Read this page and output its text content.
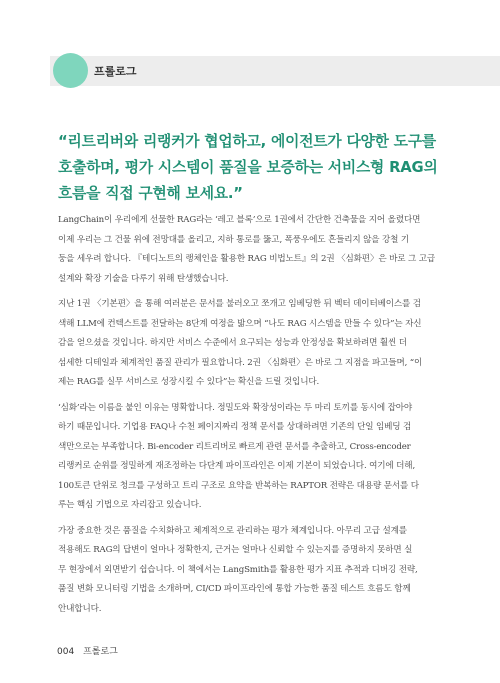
프롤로그
“리트리버와 리랭커가 협업하고, 에이전트가 다양한 도구를
호출하며, 평가 시스템이 품질을 보증하는 서비스형 RAG의
흐름을 직접 구현해 보세요.”
LangChain이 우리에게 선물한 RAG라는 ‘레고 블록’으로 1권에서 간단한 건축물을 지어 올렸다면
이제 우리는 그 건물 위에 전망대를 올리고, 지하 통로를 뚫고, 폭풍우에도 흔들리지 않을 강철 기
둥을 세우려 합니다. 『테디노트의 랭체인을 활용한 RAG 비법노트』의 2권 〈심화편〉은 바로 그 고급
설계와 확장 기술을 다루기 위해 탄생했습니다.
지난 1권 〈기본편〉을 통해 여러분은 문서를 불러오고 쪼개고 임베딩한 뒤 벡터 데이터베이스를 검
색해 LLM에 컨텍스트를 전달하는 8단계 여정을 밟으며 “나도 RAG 시스템을 만들 수 있다”는 자신
감을 얻으셨을 것입니다. 하지만 서비스 수준에서 요구되는 성능과 안정성을 확보하려면 훨씬 더
섬세한 디테일과 체계적인 품질 관리가 필요합니다. 2권 〈심화편〉은 바로 그 지점을 파고들며, “이
제는 RAG를 실무 서비스로 성장시킬 수 있다”는 확신을 드릴 것입니다.
‘심화’라는 이름을 붙인 이유는 명확합니다. 정밀도와 확장성이라는 두 마리 토끼를 동시에 잡아야
하기 때문입니다. 기업용 FAQ나 수천 페이지짜리 정책 문서를 상대하려면 기존의 단일 임베딩 검
색만으로는 부족합니다. Bi-encoder 리트리버로 빠르게 관련 문서를 추출하고, Cross-encoder
리랭커로 순위를 정밀하게 재조정하는 다단계 파이프라인은 이제 기본이 되었습니다. 여기에 더해,
100토큰 단위로 청크를 구성하고 트리 구조로 요약을 반복하는 RAPTOR 전략은 대용량 문서를 다
루는 핵심 기법으로 자리잡고 있습니다.
가장 중요한 것은 품질을 수치화하고 체계적으로 관리하는 평가 체계입니다. 아무리 고급 설계를
적용해도 RAG의 답변이 얼마나 정확한지, 근거는 얼마나 신뢰할 수 있는지를 증명하지 못하면 실
무 현장에서 외면받기 쉽습니다. 이 책에서는 LangSmith를 활용한 평가 지표 추적과 디버깅 전략,
품질 변화 모니터링 기법을 소개하며, CI/CD 파이프라인에 통합 가능한 품질 테스트 흐름도 함께
안내합니다.
004 프롤로그
